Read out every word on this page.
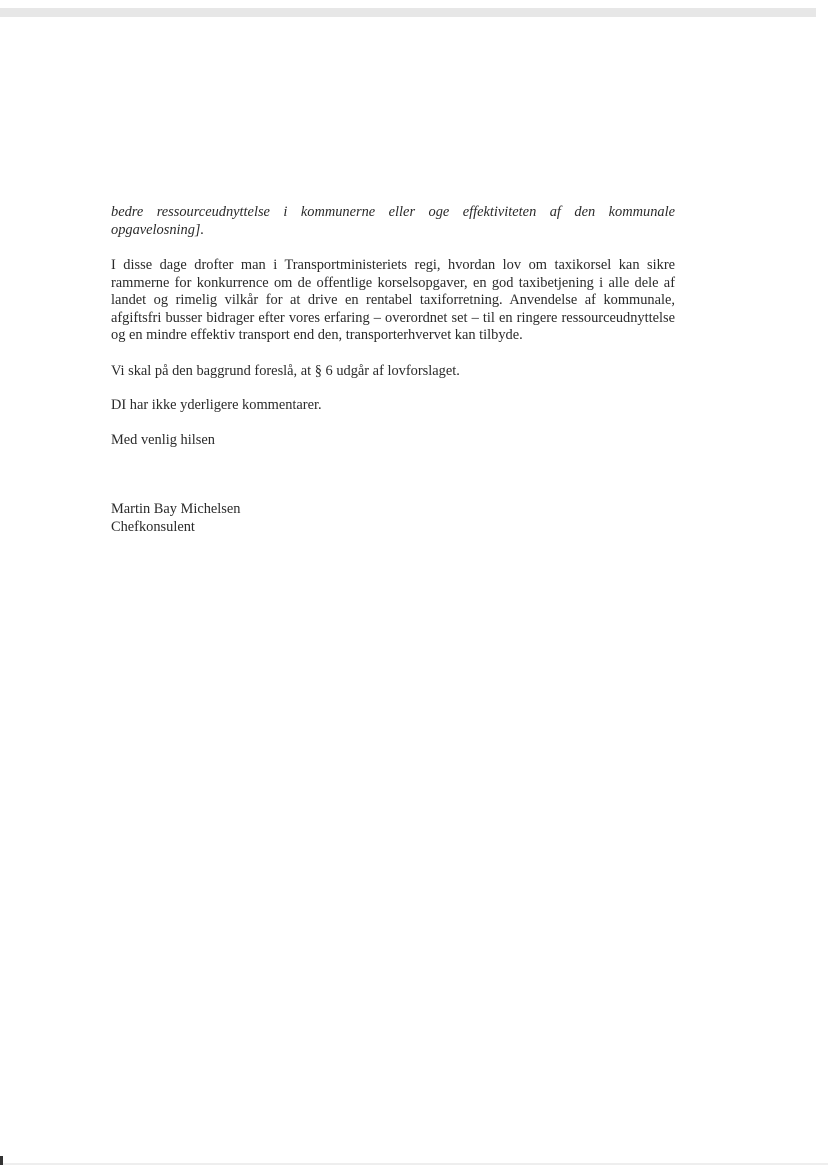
bedre ressourceudnyttelse i kommunerne eller oge effektiviteten af den kommunale opgavelosning].

I disse dage drofter man i Transportministeriets regi, hvordan lov om taxikorsel kan sikre rammerne for konkurrence om de offentlige korselsopgaver, en god taxibetjening i alle dele af landet og rimelig vilkår for at drive en rentabel taxiforretning. Anvendelse af kommunale, afgiftsfri busser bidrager efter vores erfaring – overordnet set – til en ringere ressourceudnyttelse og en mindre effektiv transport end den, transporterhvervet kan tilbyde.

Vi skal på den baggrund foreslå, at § 6 udgår af lovforslaget.

DI har ikke yderligere kommentarer.

Med venlig hilsen

Martin Bay Michelsen
Chefkonsulent
